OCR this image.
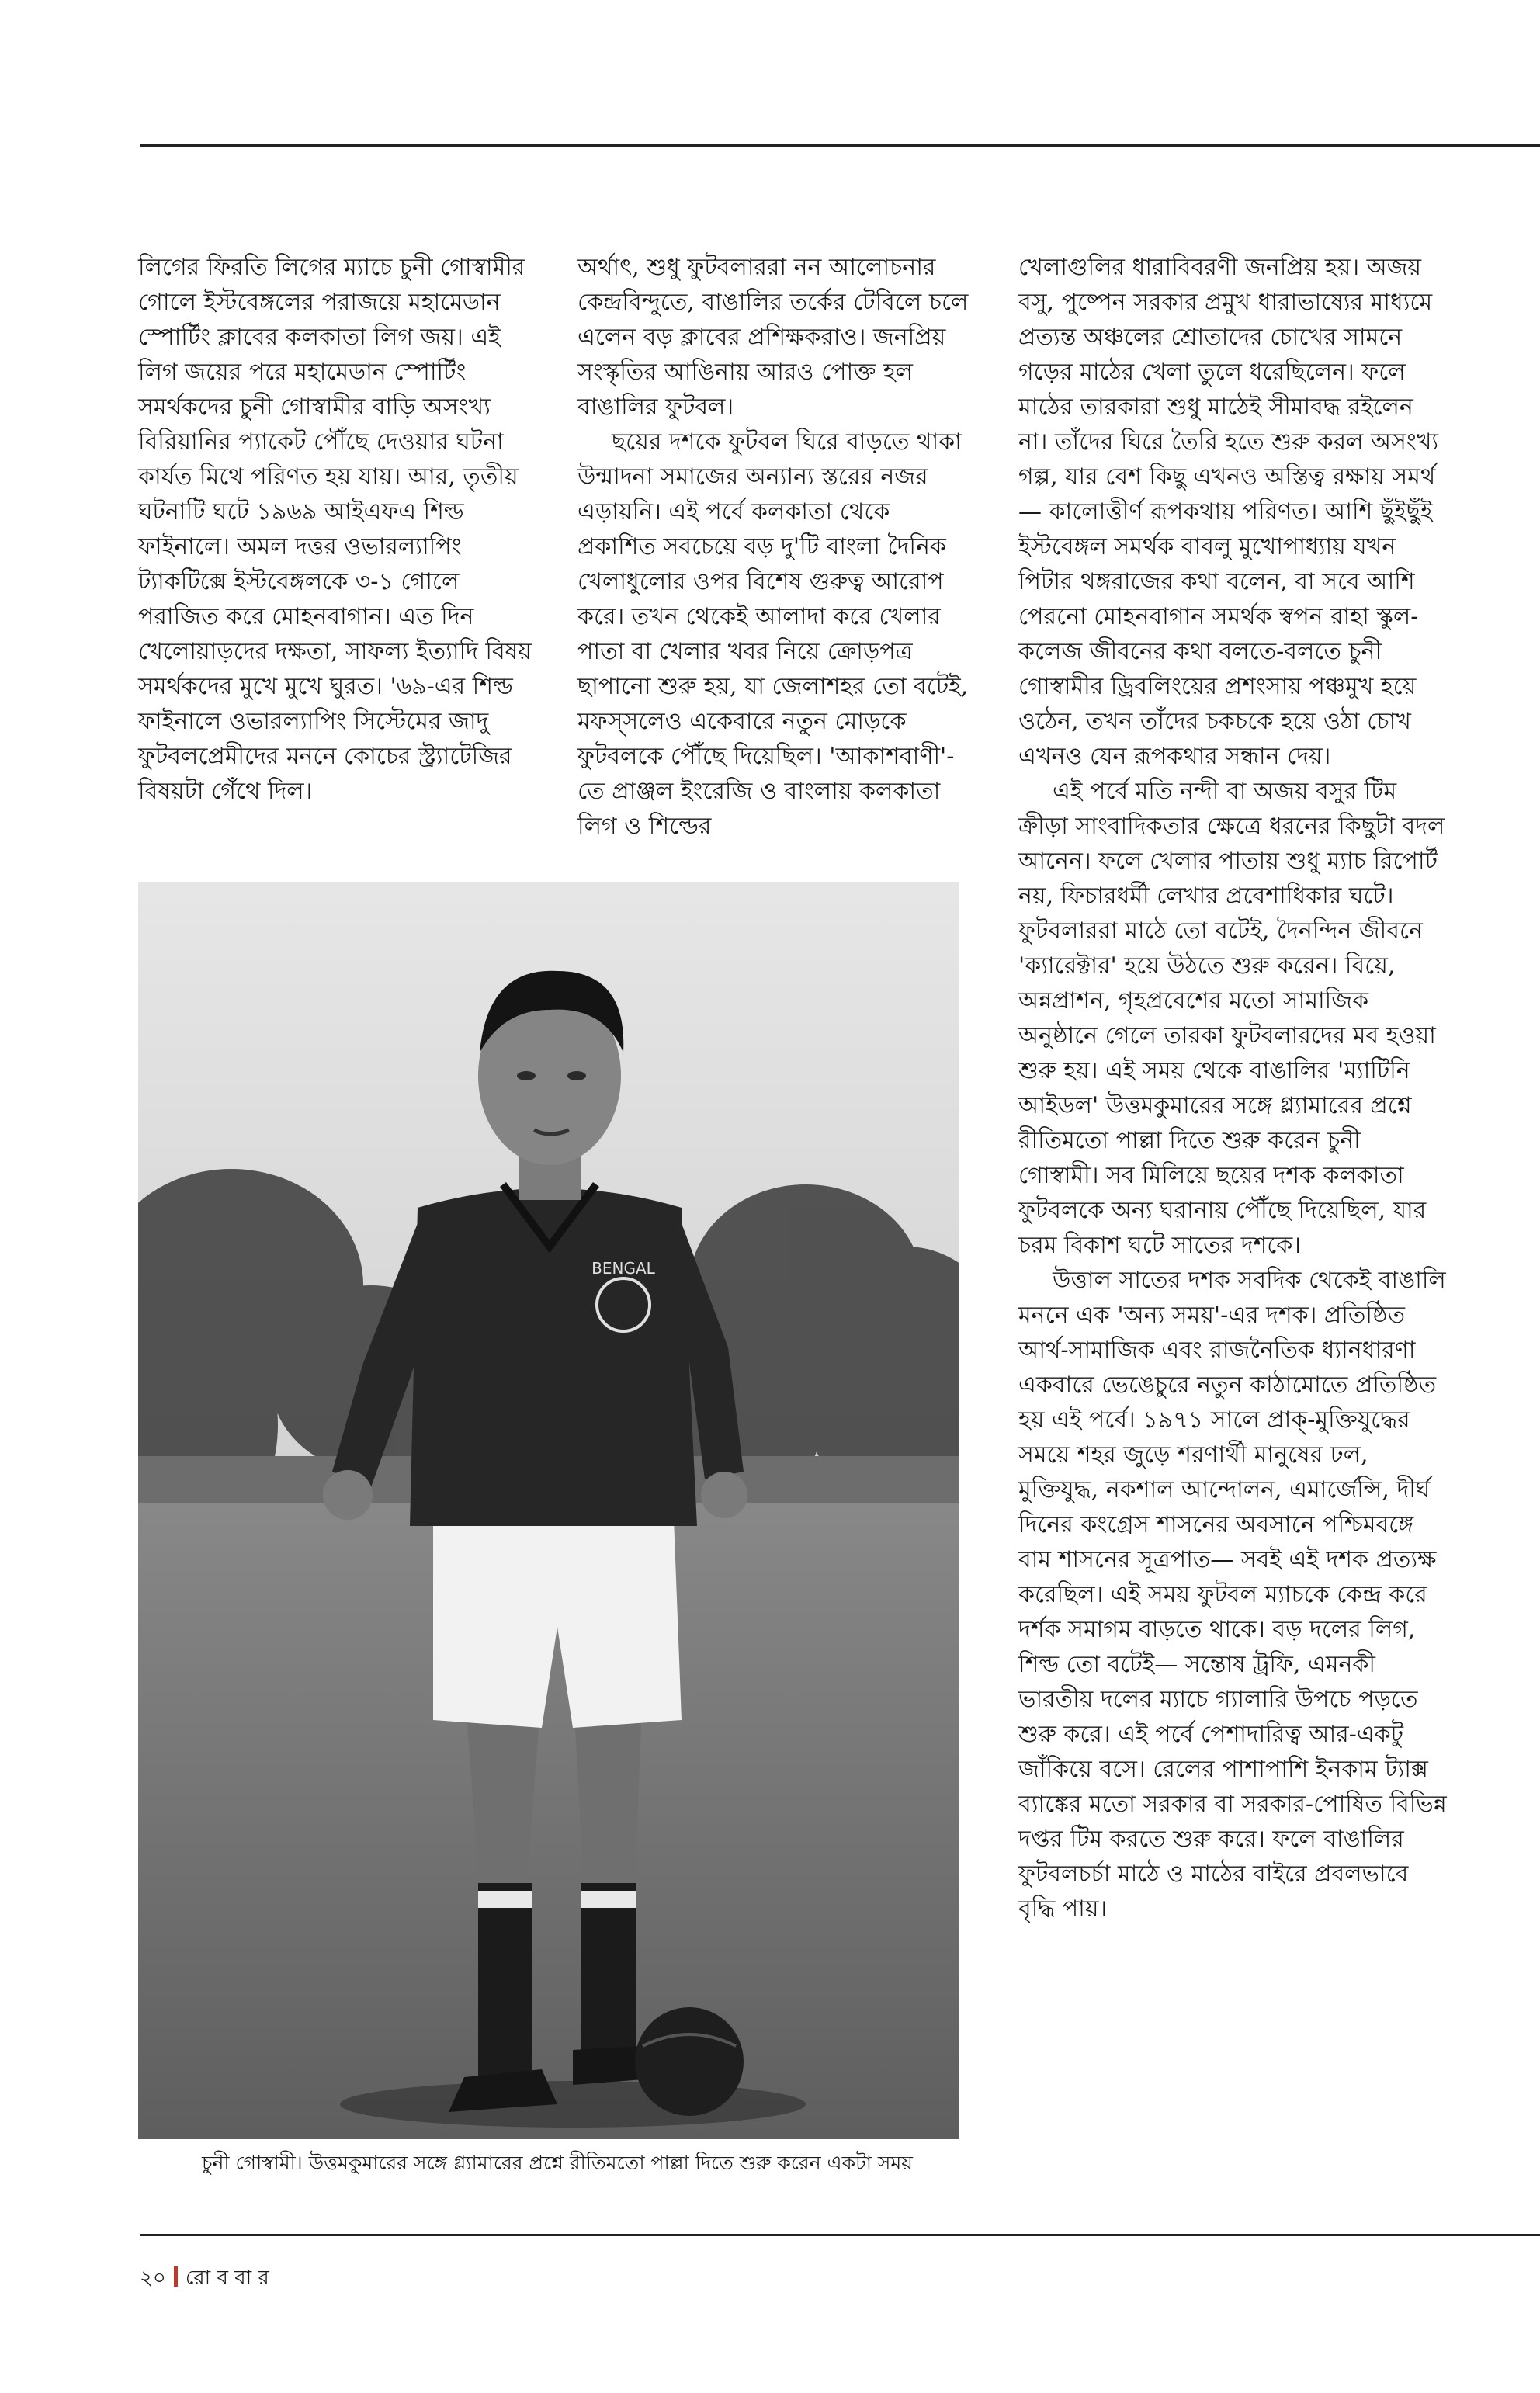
লিগের ফিরতি লিগের ম্যাচে চুনী গোস্বামীর গোলে ইস্টবেঙ্গলের পরাজয়ে মহামেডান স্পোর্টিং ক্লাবের কলকাতা লিগ জয়। এই লিগ জয়ের পরে মহামেডান স্পোর্টিং সমর্থকদের চুনী গোস্বামীর বাড়ি অসংখ্য বিরিয়ানির প্যাকেট পৌঁছে দেওয়ার ঘটনা কার্যত মিথে পরিণত হয় যায়। আর, তৃতীয় ঘটনাটি ঘটে ১৯৬৯ আইএফএ শিল্ড ফাইনালে। অমল দত্তর ওভারল্যাপিং ট্যাকটিক্সে ইস্টবেঙ্গলকে ৩-১ গোলে পরাজিত করে মোহনবাগান। এত দিন খেলোয়াড়দের দক্ষতা, সাফল্য ইত্যাদি বিষয় সমর্থকদের মুখে মুখে ঘুরত। '৬৯-এর শিল্ড ফাইনালে ওভারল্যাপিং সিস্টেমের জাদু ফুটবলপ্রেমীদের মননে কোচের স্ট্র্যাটেজির বিষয়টা গেঁথে দিল।

অর্থাৎ, শুধু ফুটবলাররা নন আলোচনার কেন্দ্রবিন্দুতে, বাঙালির তর্কের টেবিলে চলে এলেন বড় ক্লাবের প্রশিক্ষকরাও। জনপ্রিয় সংস্কৃতির আঙিনায় আরও পোক্ত হল বাঙালির ফুটবল।

ছয়ের দশকে ফুটবল ঘিরে বাড়তে থাকা উন্মাদনা সমাজের অন্যান্য স্তরের নজর এড়ায়নি। এই পর্বে কলকাতা থেকে প্রকাশিত সবচেয়ে বড় দু'টি বাংলা দৈনিক খেলাধুলোর ওপর বিশেষ গুরুত্ব আরোপ করে। তখন থেকেই আলাদা করে খেলার পাতা বা খেলার খবর নিয়ে ক্রোড়পত্র ছাপানো শুরু হয়, যা জেলাশহর তো বটেই, মফস্সলেও একেবারে নতুন মোড়কে ফুটবলকে পৌঁছে দিয়েছিল। 'আকাশবাণী'-তে প্রাঞ্জল ইংরেজি ও বাংলায় কলকাতা লিগ ও শিল্ডের

খেলাগুলির ধারাবিবরণী জনপ্রিয় হয়। অজয় বসু, পুষ্পেন সরকার প্রমুখ ধারাভাষ্যের মাধ্যমে প্রত্যন্ত অঞ্চলের শ্রোতাদের চোখের সামনে গড়ের মাঠের খেলা তুলে ধরেছিলেন। ফলে মাঠের তারকারা শুধু মাঠেই সীমাবদ্ধ রইলেন না। তাঁদের ঘিরে তৈরি হতে শুরু করল অসংখ্য গল্প, যার বেশ কিছু এখনও অস্তিত্ব রক্ষায় সমর্থ— কালোত্তীর্ণ রূপকথায় পরিণত। আশি ছুঁইছুঁই ইস্টবেঙ্গল সমর্থক বাবলু মুখোপাধ্যায় যখন পিটার থঙ্গরাজের কথা বলেন, বা সবে আশি পেরনো মোহনবাগান সমর্থক স্বপন রাহা স্কুল-কলেজ জীবনের কথা বলতে-বলতে চুনী গোস্বামীর ড্রিবলিংয়ের প্রশংসায় পঞ্চমুখ হয়ে ওঠেন, তখন তাঁদের চকচকে হয়ে ওঠা চোখ এখনও যেন রূপকথার সন্ধান দেয়।

এই পর্বে মতি নন্দী বা অজয় বসুর টিম ক্রীড়া সাংবাদিকতার ক্ষেত্রে ধরনের কিছুটা বদল আনেন। ফলে খেলার পাতায় শুধু ম্যাচ রিপোর্ট নয়, ফিচারধর্মী লেখার প্রবেশাধিকার ঘটে। ফুটবলাররা মাঠে তো বটেই, দৈনন্দিন জীবনে 'ক্যারেক্টার' হয়ে উঠতে শুরু করেন। বিয়ে, অন্নপ্রাশন, গৃহপ্রবেশের মতো সামাজিক অনুষ্ঠানে গেলে তারকা ফুটবলারদের মব হওয়া শুরু হয়। এই সময় থেকে বাঙালির 'ম্যাটিনি আইডল' উত্তমকুমারের সঙ্গে গ্ল্যামারের প্রশ্নে রীতিমতো পাল্লা দিতে শুরু করেন চুনী গোস্বামী। সব মিলিয়ে ছয়ের দশক কলকাতা ফুটবলকে অন্য ঘরানায় পৌঁছে দিয়েছিল, যার চরম বিকাশ ঘটে সাতের দশকে।

উত্তাল সাতের দশক সবদিক থেকেই বাঙালি মননে এক 'অন্য সময়'-এর দশক। প্রতিষ্ঠিত আর্থ-সামাজিক এবং রাজনৈতিক ধ্যানধারণা একবারে ভেঙেচুরে নতুন কাঠামোতে প্রতিষ্ঠিত হয় এই পর্বে। ১৯৭১ সালে প্রাক্-মুক্তিযুদ্ধের সময়ে শহর জুড়ে শরণার্থী মানুষের ঢল, মুক্তিযুদ্ধ, নকশাল আন্দোলন, এমার্জেন্সি, দীর্ঘ দিনের কংগ্রেস শাসনের অবসানে পশ্চিমবঙ্গে বাম শাসনের সূত্রপাত— সবই এই দশক প্রত্যক্ষ করেছিল। এই সময় ফুটবল ম্যাচকে কেন্দ্র করে দর্শক সমাগম বাড়তে থাকে। বড় দলের লিগ, শিল্ড তো বটেই— সন্তোষ ট্রফি, এমনকী ভারতীয় দলের ম্যাচে গ্যালারি উপচে পড়তে শুরু করে। এই পর্বে পেশাদারিত্ব আর-একটু জাঁকিয়ে বসে। রেলের পাশাপাশি ইনকাম ট্যাক্স ব্যাঙ্কের মতো সরকার বা সরকার-পোষিত বিভিন্ন দপ্তর টিম করতে শুরু করে। ফলে বাঙালির ফুটবলচর্চা মাঠে ও মাঠের বাইরে প্রবলভাবে বৃদ্ধি পায়।

BENGAL
চুনী গোস্বামী। উত্তমকুমারের সঙ্গে গ্ল্যামারের প্রশ্নে রীতিমতো পাল্লা দিতে শুরু করেন একটা সময়
২০ রো ব বা র
